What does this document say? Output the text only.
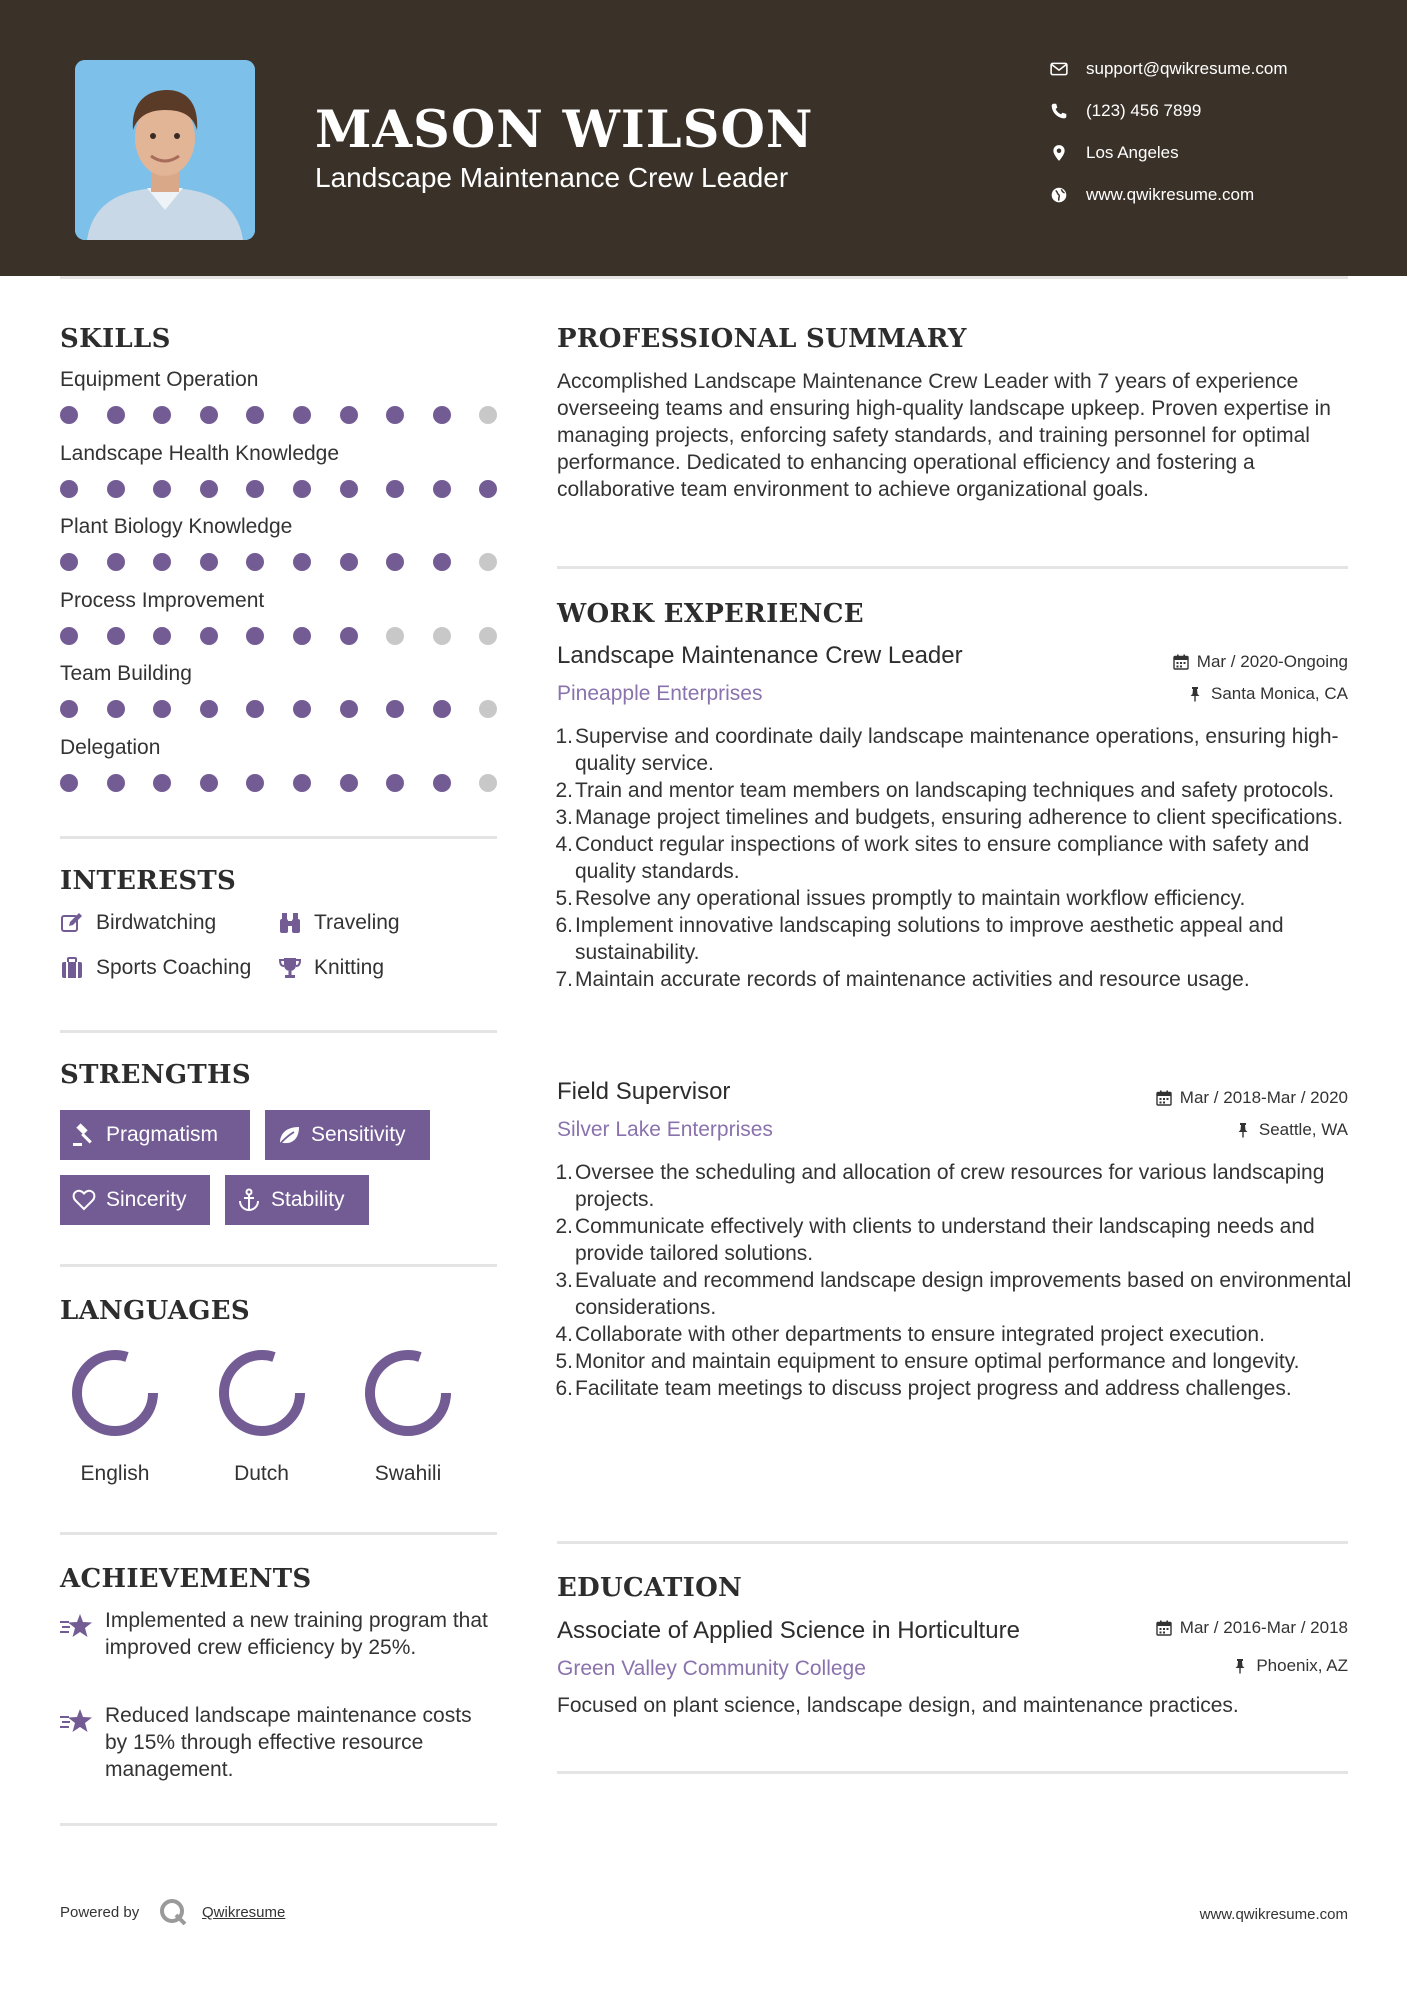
MASON WILSON
Landscape Maintenance Crew Leader
support@qwikresume.com
(123) 456 7899
Los Angeles
www.qwikresume.com
SKILLS
Equipment Operation
Landscape Health Knowledge
Plant Biology Knowledge
Process Improvement
Team Building
Delegation
INTERESTS
Birdwatching	Traveling
Sports Coaching	Knitting
STRENGTHS
Pragmatism	Sensitivity
Sincerity	Stability
LANGUAGES
English	Dutch	Swahili
ACHIEVEMENTS
Implemented a new training program that improved crew efficiency by 25%.
Reduced landscape maintenance costs by 15% through effective resource management.
PROFESSIONAL SUMMARY
Accomplished Landscape Maintenance Crew Leader with 7 years of experience overseeing teams and ensuring high-quality landscape upkeep. Proven expertise in managing projects, enforcing safety standards, and training personnel for optimal performance. Dedicated to enhancing operational efficiency and fostering a collaborative team environment to achieve organizational goals.
WORK EXPERIENCE
Landscape Maintenance Crew Leader	Mar / 2020-Ongoing
Pineapple Enterprises	Santa Monica, CA
1. Supervise and coordinate daily landscape maintenance operations, ensuring high-quality service.
2. Train and mentor team members on landscaping techniques and safety protocols.
3. Manage project timelines and budgets, ensuring adherence to client specifications.
4. Conduct regular inspections of work sites to ensure compliance with safety and quality standards.
5. Resolve any operational issues promptly to maintain workflow efficiency.
6. Implement innovative landscaping solutions to improve aesthetic appeal and sustainability.
7. Maintain accurate records of maintenance activities and resource usage.
Field Supervisor	Mar / 2018-Mar / 2020
Silver Lake Enterprises	Seattle, WA
1. Oversee the scheduling and allocation of crew resources for various landscaping projects.
2. Communicate effectively with clients to understand their landscaping needs and provide tailored solutions.
3. Evaluate and recommend landscape design improvements based on environmental considerations.
4. Collaborate with other departments to ensure integrated project execution.
5. Monitor and maintain equipment to ensure optimal performance and longevity.
6. Facilitate team meetings to discuss project progress and address challenges.
EDUCATION
Associate of Applied Science in Horticulture	Mar / 2016-Mar / 2018
Green Valley Community College	Phoenix, AZ
Focused on plant science, landscape design, and maintenance practices.
Powered by	Qwikresume	www.qwikresume.com
